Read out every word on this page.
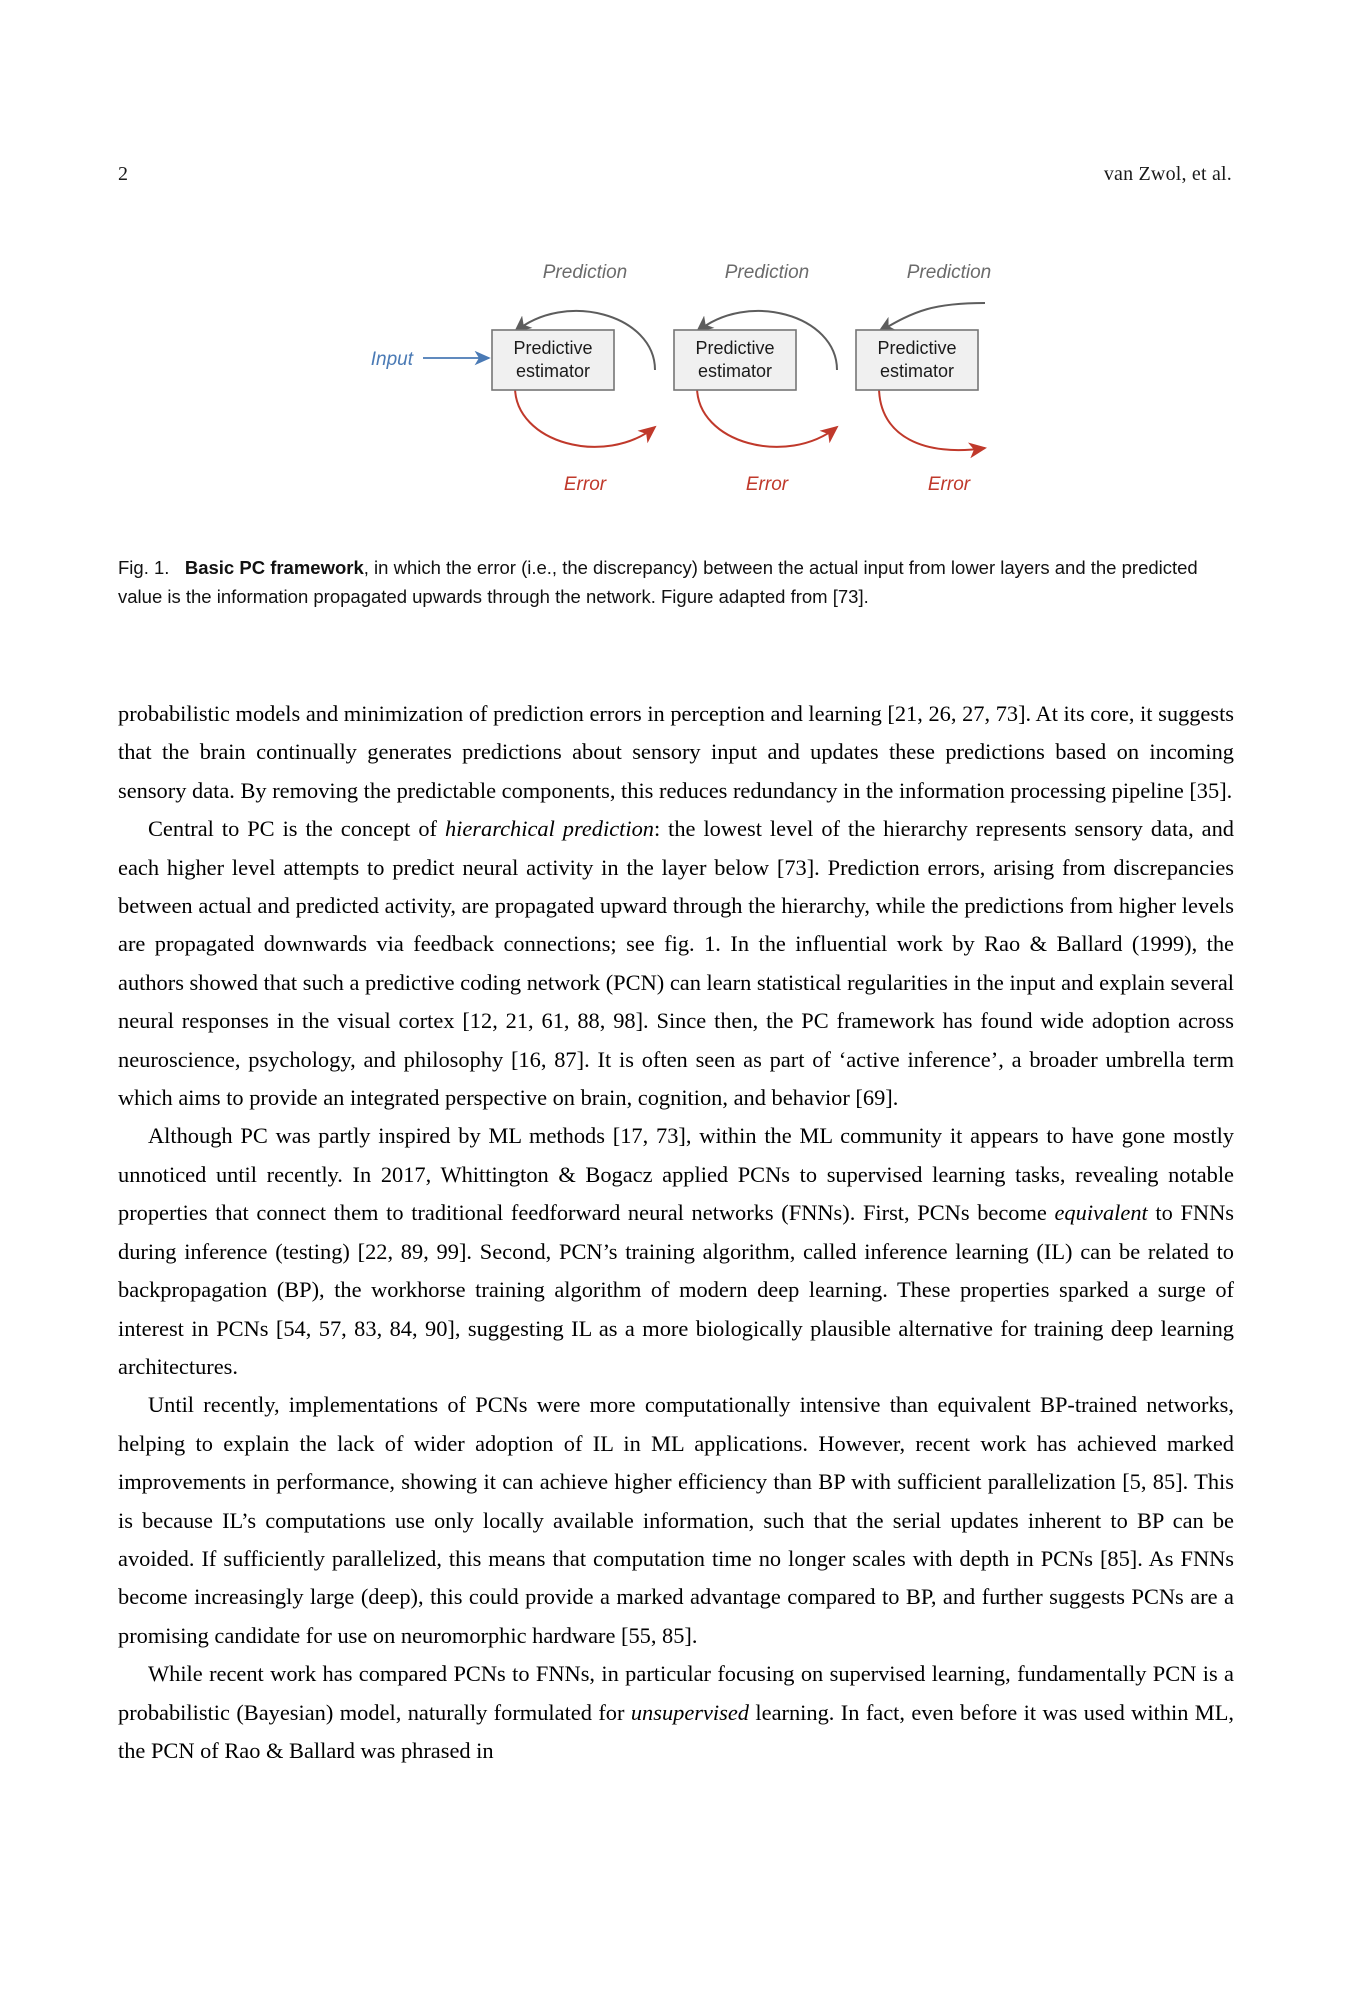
2	van Zwol, et al.
Predictive
estimator
Predictive
estimator
Predictive
estimator
Input
Prediction	Prediction	Prediction
Error	Error	Error
Fig. 1. Basic PC framework, in which the error (i.e., the discrepancy) between the actual input from lower layers and the predicted value is the information propagated upwards through the network. Figure adapted from [73].

probabilistic models and minimization of prediction errors in perception and learning [21, 26, 27, 73]. At its core, it suggests that the brain continually generates predictions about sensory input and updates these predictions based on incoming sensory data. By removing the predictable components, this reduces redundancy in the information processing pipeline [35].

Central to PC is the concept of hierarchical prediction: the lowest level of the hierarchy represents sensory data, and each higher level attempts to predict neural activity in the layer below [73]. Prediction errors, arising from discrepancies between actual and predicted activity, are propagated upward through the hierarchy, while the predictions from higher levels are propagated downwards via feedback connections; see fig. 1. In the influential work by Rao & Ballard (1999), the authors showed that such a predictive coding network (PCN) can learn statistical regularities in the input and explain several neural responses in the visual cortex [12, 21, 61, 88, 98]. Since then, the PC framework has found wide adoption across neuroscience, psychology, and philosophy [16, 87]. It is often seen as part of ‘active inference’, a broader umbrella term which aims to provide an integrated perspective on brain, cognition, and behavior [69].

Although PC was partly inspired by ML methods [17, 73], within the ML community it appears to have gone mostly unnoticed until recently. In 2017, Whittington & Bogacz applied PCNs to supervised learning tasks, revealing notable properties that connect them to traditional feedforward neural networks (FNNs). First, PCNs become equivalent to FNNs during inference (testing) [22, 89, 99]. Second, PCN’s training algorithm, called inference learning (IL) can be related to backpropagation (BP), the workhorse training algorithm of modern deep learning. These properties sparked a surge of interest in PCNs [54, 57, 83, 84, 90], suggesting IL as a more biologically plausible alternative for training deep learning architectures.

Until recently, implementations of PCNs were more computationally intensive than equivalent BP-trained networks, helping to explain the lack of wider adoption of IL in ML applications. However, recent work has achieved marked improvements in performance, showing it can achieve higher efficiency than BP with sufficient parallelization [5, 85]. This is because IL’s computations use only locally available information, such that the serial updates inherent to BP can be avoided. If sufficiently parallelized, this means that computation time no longer scales with depth in PCNs [85]. As FNNs become increasingly large (deep), this could provide a marked advantage compared to BP, and further suggests PCNs are a promising candidate for use on neuromorphic hardware [55, 85].

While recent work has compared PCNs to FNNs, in particular focusing on supervised learning, fundamentally PCN is a probabilistic (Bayesian) model, naturally formulated for unsupervised learning. In fact, even before it was used within ML, the PCN of Rao & Ballard was phrased in
